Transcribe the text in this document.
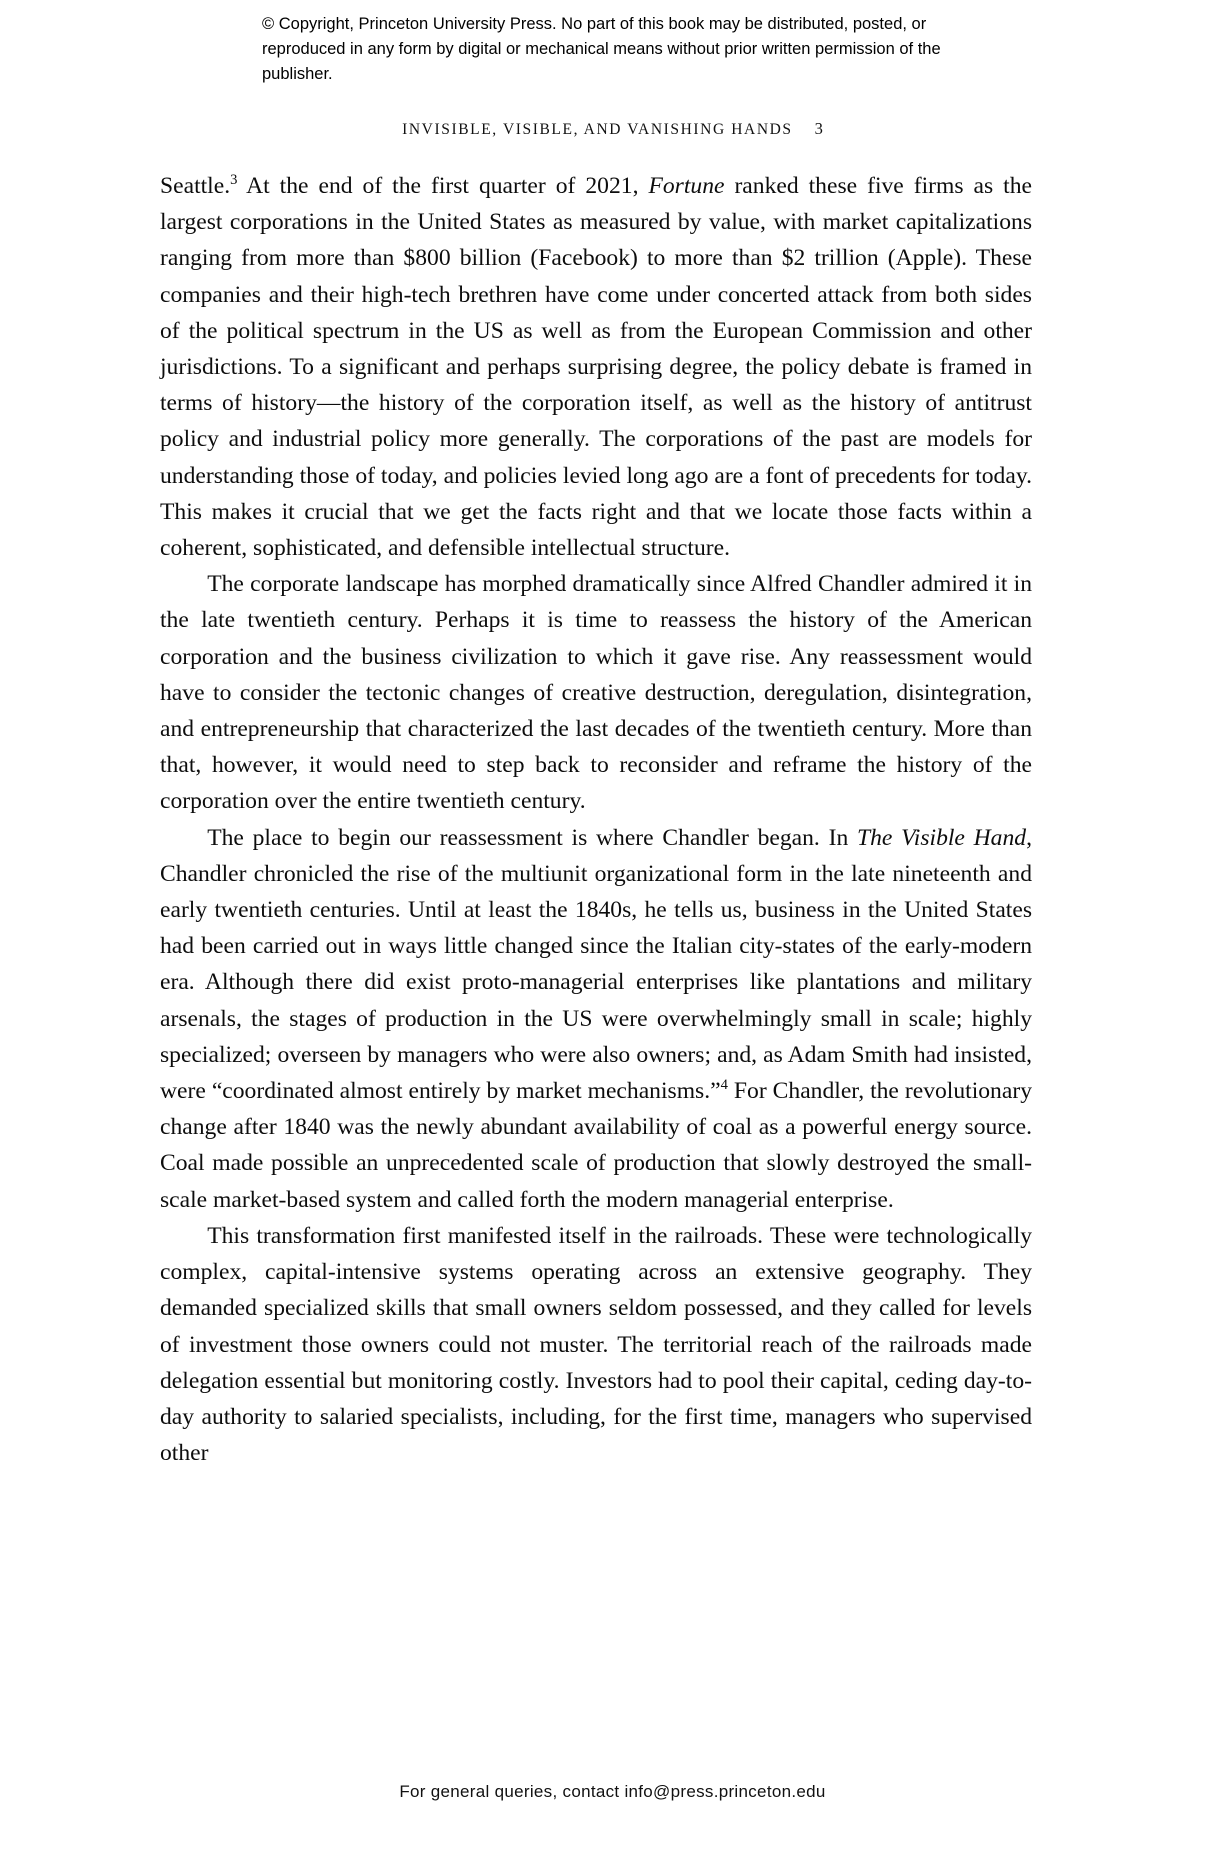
© Copyright, Princeton University Press. No part of this book may be distributed, posted, or reproduced in any form by digital or mechanical means without prior written permission of the publisher.
INVISIBLE, VISIBLE, AND VANISHING HANDS 3

Seattle.$^3$ At the end of the first quarter of 2021, Fortune ranked these five firms as the largest corporations in the United States as measured by value, with market capitalizations ranging from more than $800 billion (Facebook) to more than $2 trillion (Apple). These companies and their high-tech brethren have come under concerted attack from both sides of the political spectrum in the US as well as from the European Commission and other jurisdictions. To a significant and perhaps surprising degree, the policy debate is framed in terms of history—the history of the corporation itself, as well as the history of antitrust policy and industrial policy more generally. The corporations of the past are models for understanding those of today, and policies levied long ago are a font of precedents for today. This makes it crucial that we get the facts right and that we locate those facts within a coherent, sophisticated, and defensible intellectual structure.

The corporate landscape has morphed dramatically since Alfred Chandler admired it in the late twentieth century. Perhaps it is time to reassess the history of the American corporation and the business civilization to which it gave rise. Any reassessment would have to consider the tectonic changes of creative destruction, deregulation, disintegration, and entrepreneurship that characterized the last decades of the twentieth century. More than that, however, it would need to step back to reconsider and reframe the history of the corporation over the entire twentieth century.

The place to begin our reassessment is where Chandler began. In The Visible Hand, Chandler chronicled the rise of the multiunit organizational form in the late nineteenth and early twentieth centuries. Until at least the 1840s, he tells us, business in the United States had been carried out in ways little changed since the Italian city-states of the early-modern era. Although there did exist proto-managerial enterprises like plantations and military arsenals, the stages of production in the US were overwhelmingly small in scale; highly specialized; overseen by managers who were also owners; and, as Adam Smith had insisted, were “coordinated almost entirely by market mechanisms.”$^4$ For Chandler, the revolutionary change after 1840 was the newly abundant availability of coal as a powerful energy source. Coal made possible an unprecedented scale of production that slowly destroyed the small-scale market-based system and called forth the modern managerial enterprise.

This transformation first manifested itself in the railroads. These were technologically complex, capital-intensive systems operating across an extensive geography. They demanded specialized skills that small owners seldom possessed, and they called for levels of investment those owners could not muster. The territorial reach of the railroads made delegation essential but monitoring costly. Investors had to pool their capital, ceding day-to-day authority to salaried specialists, including, for the first time, managers who supervised other

For general queries, contact info@press.princeton.edu
